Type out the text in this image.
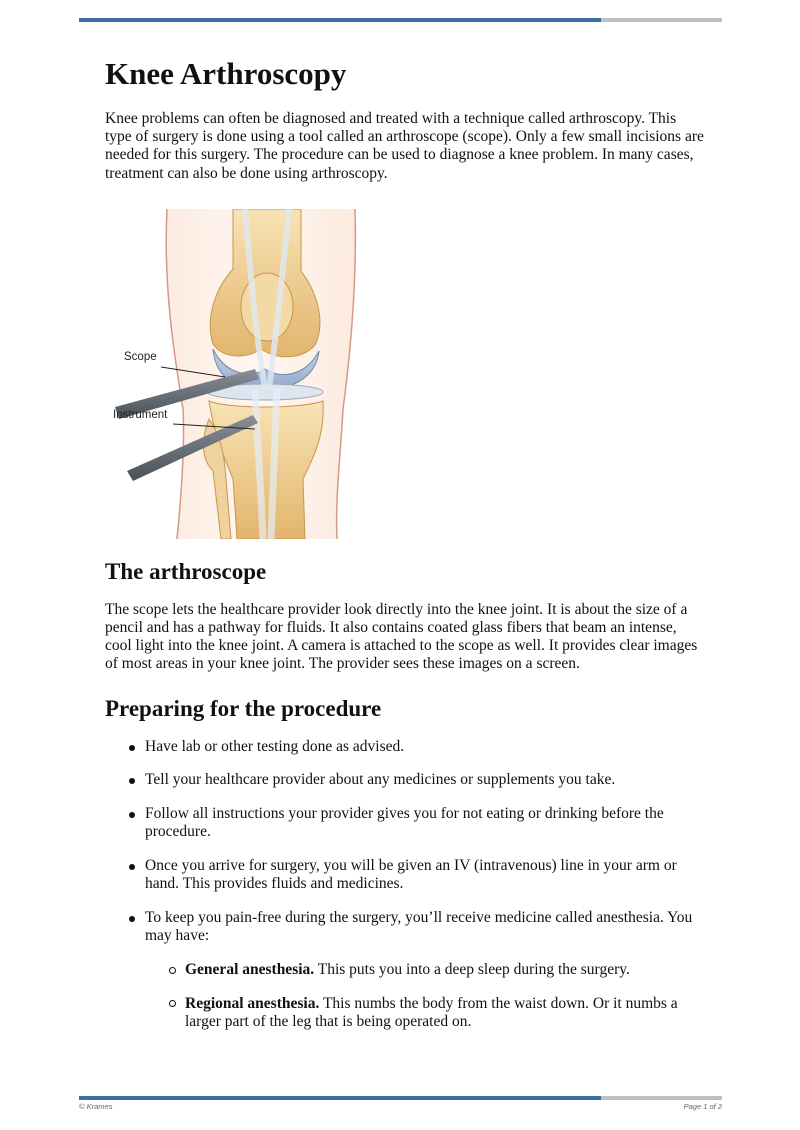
Knee Arthroscopy

Knee problems can often be diagnosed and treated with a technique called arthroscopy. This type of surgery is done using a tool called an arthroscope (scope). Only a few small incisions are needed for this surgery. The procedure can be used to diagnose a knee problem. In many cases, treatment can also be done using arthroscopy.

Scope
Instrument
The arthroscope

The scope lets the healthcare provider look directly into the knee joint. It is about the size of a pencil and has a pathway for fluids. It also contains coated glass fibers that beam an intense, cool light into the knee joint. A camera is attached to the scope as well. It provides clear images of most areas in your knee joint. The provider sees these images on a screen.

Preparing for the procedure
Have lab or other testing done as advised.
Tell your healthcare provider about any medicines or supplements you take.
Follow all instructions your provider gives you for not eating or drinking before the procedure.
Once you arrive for surgery, you will be given an IV (intravenous) line in your arm or hand. This provides fluids and medicines.
To keep you pain-free during the surgery, you’ll receive medicine called anesthesia. You may have:
General anesthesia. This puts you into a deep sleep during the surgery.
Regional anesthesia. This numbs the body from the waist down. Or it numbs a larger part of the leg that is being operated on.
© Krames	Page 1 of 2
